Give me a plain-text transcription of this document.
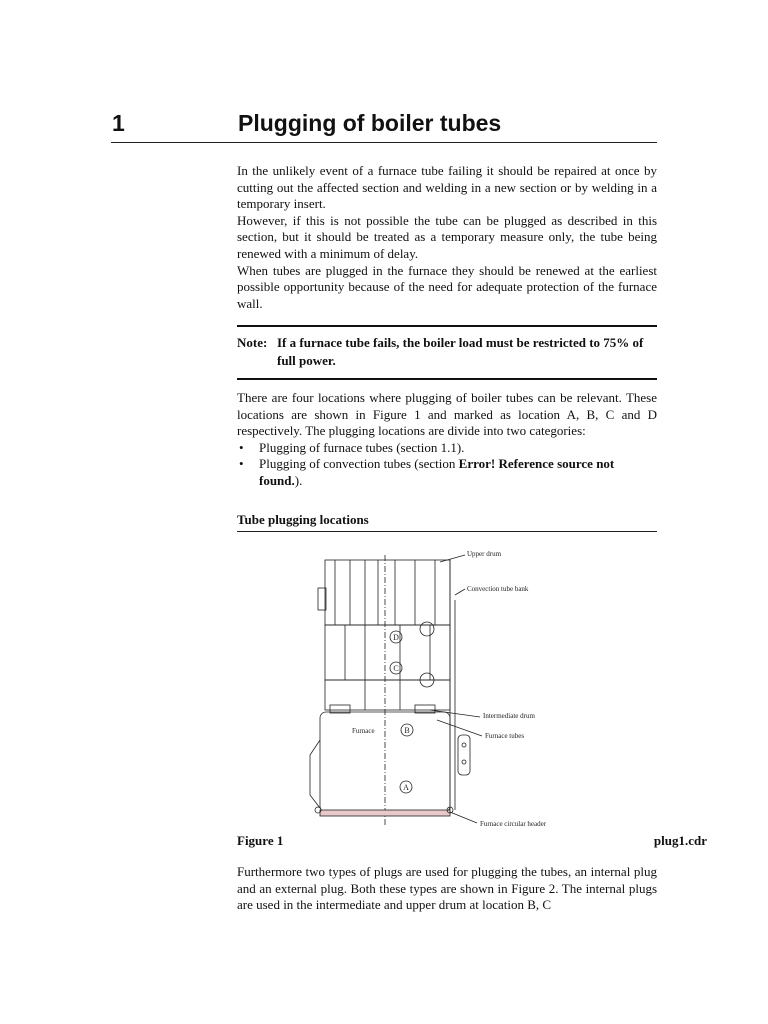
1	Plugging of boiler tubes

In the unlikely event of a furnace tube failing it should be repaired at once by cutting out the affected section and welding in a new section or by welding in a temporary insert.

However, if this is not possible the tube can be plugged as described in this section, but it should be treated as a temporary measure only, the tube being renewed with a minimum of delay.

When tubes are plugged in the furnace they should be renewed at the earliest possible opportunity because of the need for adequate protection of the furnace wall.

Note: If a furnace tube fails, the boiler load must be restricted to 75% of full power.

There are four locations where plugging of boiler tubes can be relevant. These locations are shown in Figure 1 and marked as location A, B, C and D respectively. The plugging locations are divide into two categories:

• Plugging of furnace tubes (section 1.1).
• Plugging of convection tubes (section Error! Reference source not found.).
Tube plugging locations
D
C
B
A
Upper drum
Convection tube bank
Intermediate drum
Furnace
Furnace tubes
Furnace circular header
Figure 1	plug1.cdr

Furthermore two types of plugs are used for plugging the tubes, an internal plug and an external plug. Both these types are shown in Figure 2. The internal plugs are used in the intermediate and upper drum at location B, C
